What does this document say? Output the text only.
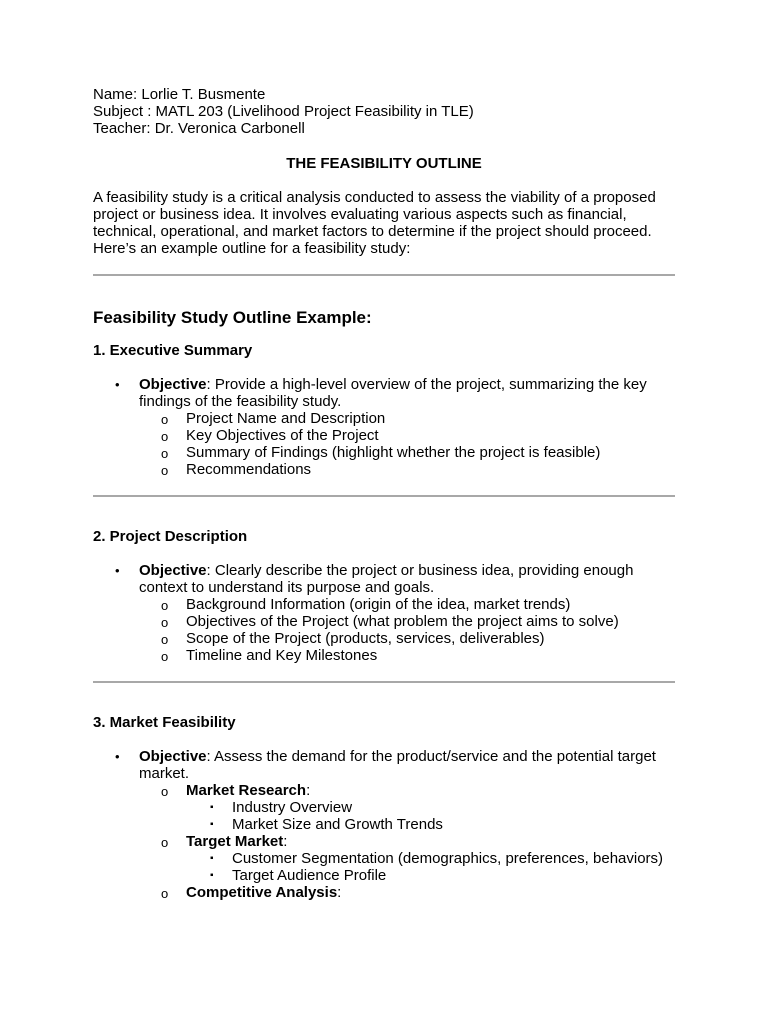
Name: Lorlie T. Busmente

Subject : MATL 203 (Livelihood Project Feasibility in TLE)

Teacher: Dr. Veronica Carbonell

THE FEASIBILITY OUTLINE

A feasibility study is a critical analysis conducted to assess the viability of a proposed project or business idea. It involves evaluating various aspects such as financial, technical, operational, and market factors to determine if the project should proceed. Here’s an example outline for a feasibility study:

Feasibility Study Outline Example:

1. Executive Summary

• Objective: Provide a high-level overview of the project, summarizing the key findings of the feasibility study.
o Project Name and Description
o Key Objectives of the Project
o Summary of Findings (highlight whether the project is feasible)
o Recommendations

2. Project Description

• Objective: Clearly describe the project or business idea, providing enough context to understand its purpose and goals.
o Background Information (origin of the idea, market trends)
o Objectives of the Project (what problem the project aims to solve)
o Scope of the Project (products, services, deliverables)
o Timeline and Key Milestones

3. Market Feasibility

• Objective: Assess the demand for the product/service and the potential target market.
o Market Research:
▪ Industry Overview
▪ Market Size and Growth Trends
o Target Market:
▪ Customer Segmentation (demographics, preferences, behaviors)
▪ Target Audience Profile
o Competitive Analysis:
